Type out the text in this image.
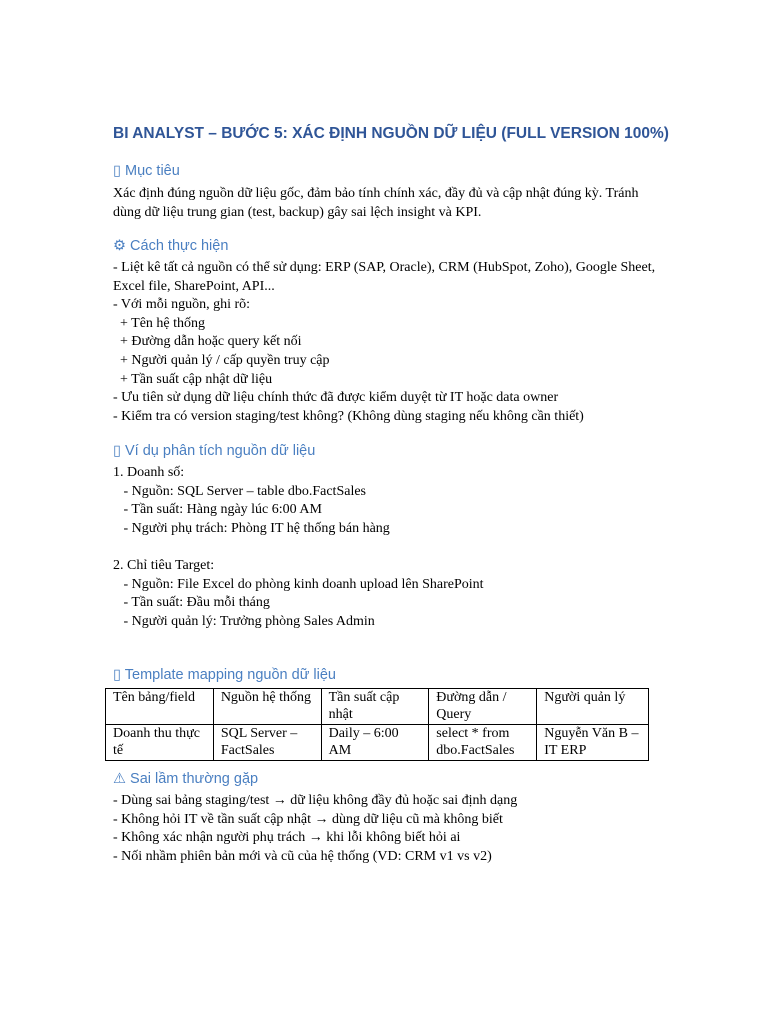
BI ANALYST – BƯỚC 5: XÁC ĐỊNH NGUỒN DỮ LIỆU (FULL VERSION 100%)
▯ Mục tiêu
Xác định đúng nguồn dữ liệu gốc, đảm bảo tính chính xác, đầy đủ và cập nhật đúng kỳ. Tránh dùng dữ liệu trung gian (test, backup) gây sai lệch insight và KPI.
⚙ Cách thực hiện
- Liệt kê tất cả nguồn có thể sử dụng: ERP (SAP, Oracle), CRM (HubSpot, Zoho), Google Sheet,
Excel file, SharePoint, API...
- Với mỗi nguồn, ghi rõ:
+ Tên hệ thống
+ Đường dẫn hoặc query kết nối
+ Người quản lý / cấp quyền truy cập
+ Tần suất cập nhật dữ liệu
- Ưu tiên sử dụng dữ liệu chính thức đã được kiểm duyệt từ IT hoặc data owner
- Kiểm tra có version staging/test không? (Không dùng staging nếu không cần thiết)
▯ Ví dụ phân tích nguồn dữ liệu
1. Doanh số:
- Nguồn: SQL Server – table dbo.FactSales
- Tần suất: Hàng ngày lúc 6:00 AM
- Người phụ trách: Phòng IT hệ thống bán hàng
2. Chỉ tiêu Target:
- Nguồn: File Excel do phòng kinh doanh upload lên SharePoint
- Tần suất: Đầu mỗi tháng
- Người quản lý: Trưởng phòng Sales Admin
▯ Template mapping nguồn dữ liệu
Tên bảng/field	Nguồn hệ thống	Tần suất cập nhật	Đường dẫn / Query	Người quản lý
Doanh thu thực tế	SQL Server – FactSales	Daily – 6:00 AM	select * from dbo.FactSales	Nguyễn Văn B – IT ERP
⚠ Sai lầm thường gặp
- Dùng sai bảng staging/test → dữ liệu không đầy đủ hoặc sai định dạng
- Không hỏi IT về tần suất cập nhật → dùng dữ liệu cũ mà không biết
- Không xác nhận người phụ trách → khi lỗi không biết hỏi ai
- Nối nhầm phiên bản mới và cũ của hệ thống (VD: CRM v1 vs v2)
